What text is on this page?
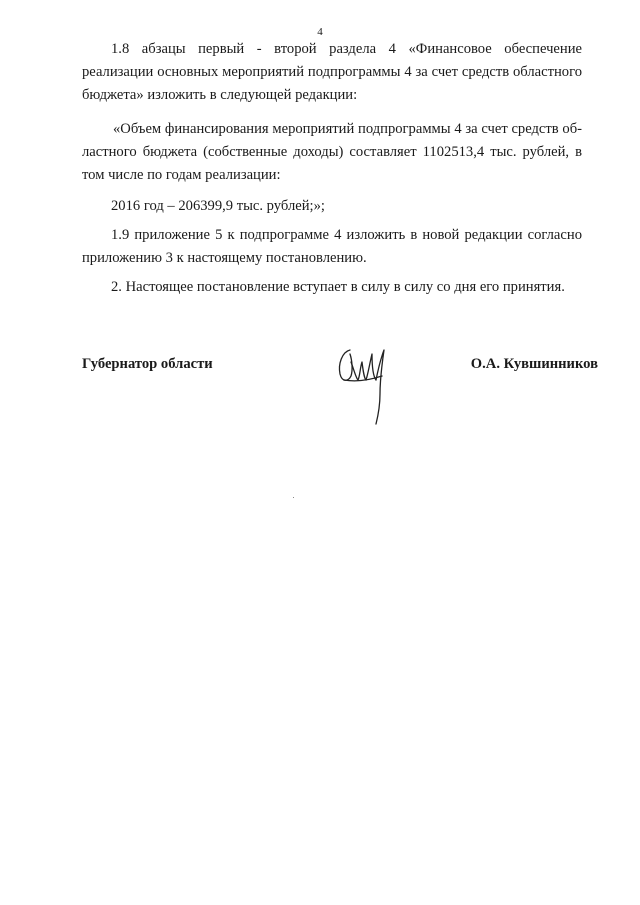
4

1.8 абзацы первый - второй раздела 4 «Финансовое обеспечение реализации основных мероприятий подпрограммы 4 за счет средств областного бюджета» изложить в следующей редакции:

«Объем финансирования мероприятий подпрограммы 4 за счет средств областного бюджета (собственные доходы) составляет 1102513,4 тыс. рублей, в том числе по годам реализации:

2016 год – 206399,9 тыс. рублей;»;

1.9 приложение 5 к подпрограмме 4 изложить в новой редакции согласно приложению 3 к настоящему постановлению.

2. Настоящее постановление вступает в силу в силу со дня его принятия.

Губернатор области	О.А. Кувшинников
